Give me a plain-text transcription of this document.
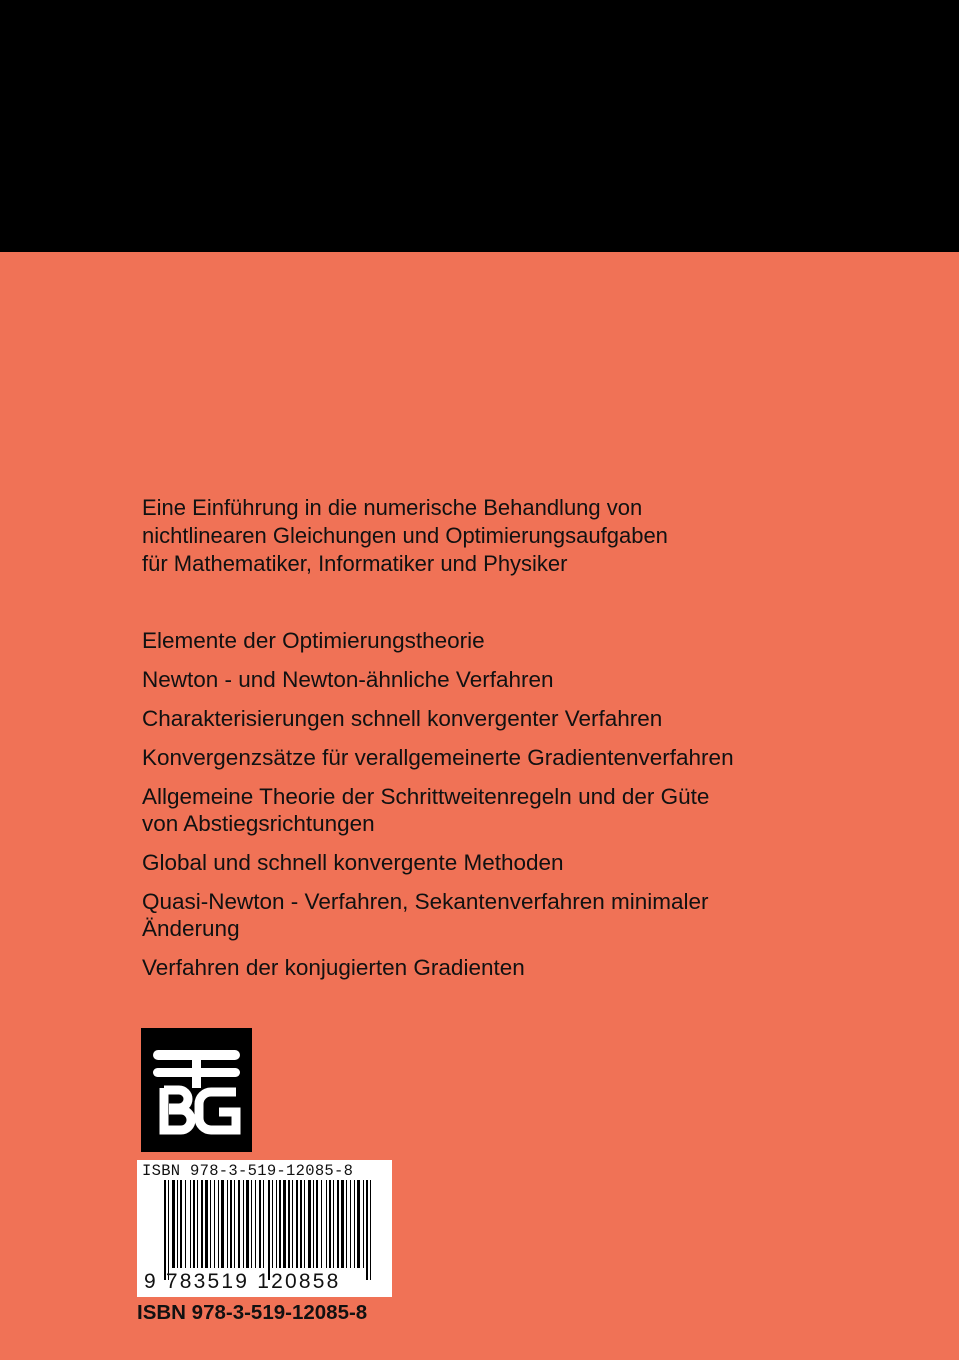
Eine Einführung in die numerische Behandlung von
nichtlinearen Gleichungen und Optimierungsaufgaben
für Mathematiker, Informatiker und Physiker
Elemente der Optimierungstheorie
Newton - und Newton-ähnliche Verfahren
Charakterisierungen schnell konvergenter Verfahren
Konvergenzsätze für verallgemeinerte Gradientenverfahren
Allgemeine Theorie der Schrittweitenregeln und der Güte
von Abstiegsrichtungen
Global und schnell konvergente Methoden
Quasi-Newton - Verfahren, Sekantenverfahren minimaler
Änderung
Verfahren der konjugierten Gradienten
ISBN 978-3-519-12085-8
9 783519 120858
ISBN 978-3-519-12085-8
